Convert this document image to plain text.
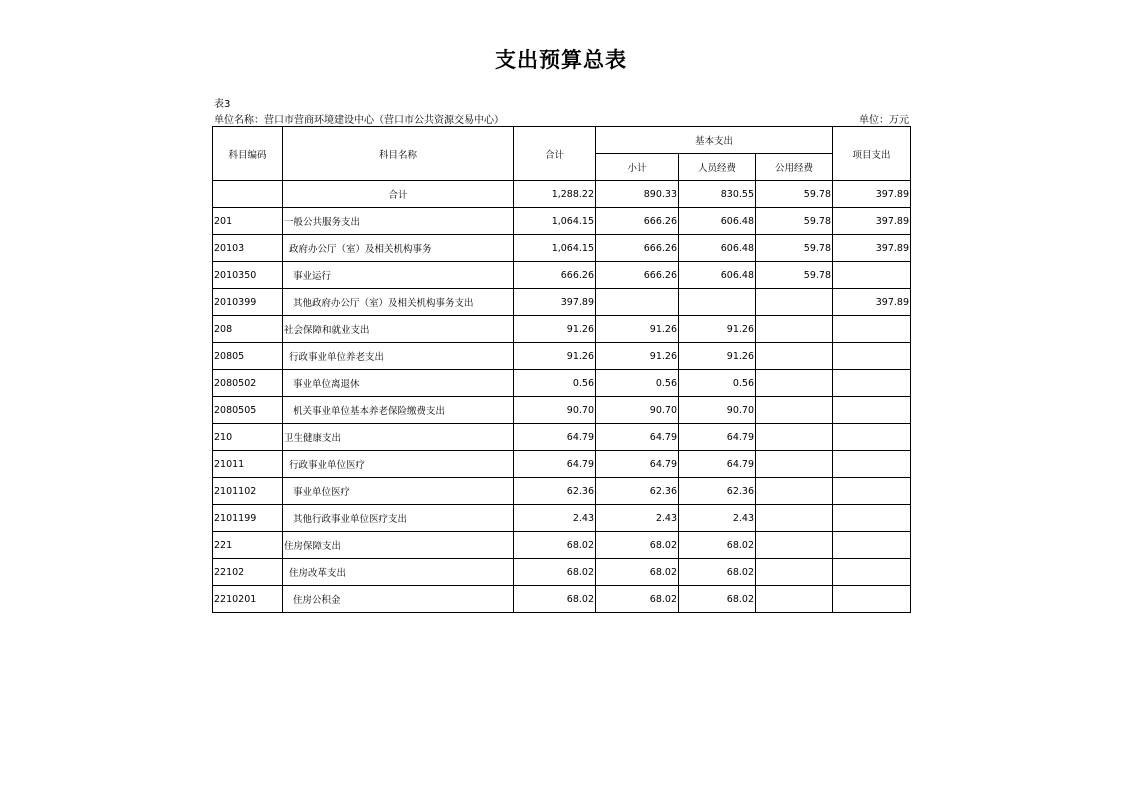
支出预算总表
表3
单位名称：营口市营商环境建设中心（营口市公共资源交易中心）	单位：万元
科目编码	科目名称	合计	基本支出			项目支出
			小计	人员经费	公用经费	
	合计	1,288.22	890.33	830.55	59.78	397.89
201	一般公共服务支出	1,064.15	666.26	606.48	59.78	397.89
20103	政府办公厅（室）及相关机构事务	1,064.15	666.26	606.48	59.78	397.89
2010350	事业运行	666.26	666.26	606.48	59.78	
2010399	其他政府办公厅（室）及相关机构事务支出	397.89				397.89
208	社会保障和就业支出	91.26	91.26	91.26		
20805	行政事业单位养老支出	91.26	91.26	91.26		
2080502	事业单位离退休	0.56	0.56	0.56		
2080505	机关事业单位基本养老保险缴费支出	90.70	90.70	90.70		
210	卫生健康支出	64.79	64.79	64.79		
21011	行政事业单位医疗	64.79	64.79	64.79		
2101102	事业单位医疗	62.36	62.36	62.36		
2101199	其他行政事业单位医疗支出	2.43	2.43	2.43		
221	住房保障支出	68.02	68.02	68.02		
22102	住房改革支出	68.02	68.02	68.02		
2210201	住房公积金	68.02	68.02	68.02		
